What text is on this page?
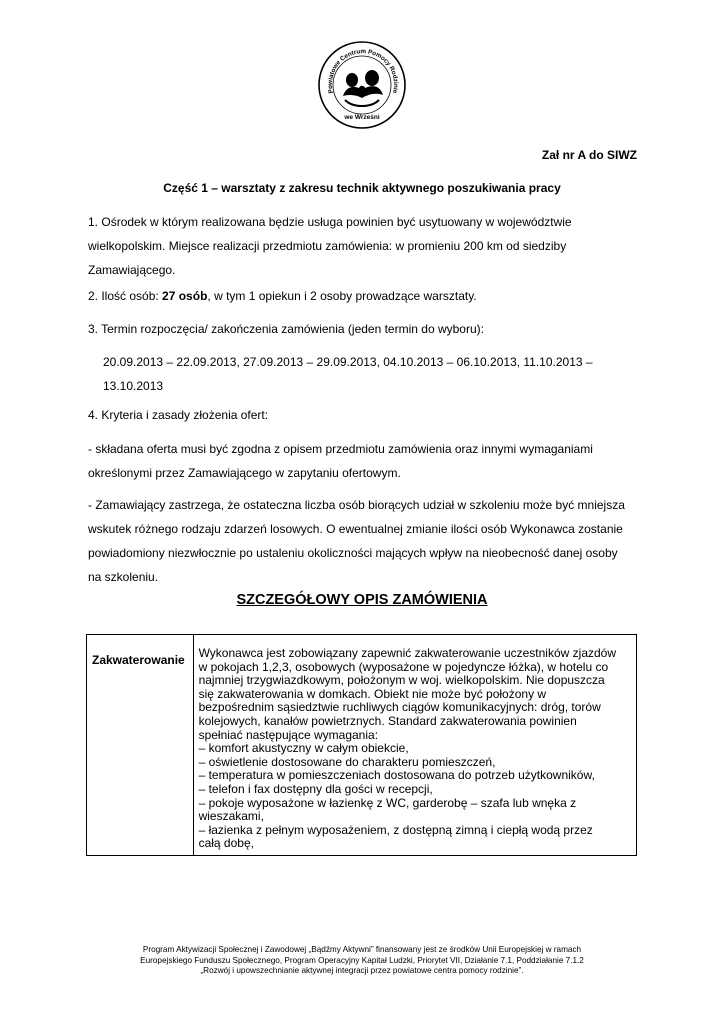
Powiatowe Centrum Pomocy Rodzinie
we Wrześni
Zał nr A do SIWZ
Część 1 – warsztaty z zakresu technik aktywnego poszukiwania pracy
1. Ośrodek w którym realizowana będzie usługa powinien być usytuowany w województwie
wielkopolskim. Miejsce realizacji przedmiotu zamówienia: w promieniu 200 km od siedziby
Zamawiającego.
2. Ilość osób: 27 osób, w tym 1 opiekun i 2 osoby prowadzące warsztaty.
3. Termin rozpoczęcia/ zakończenia zamówienia (jeden termin do wyboru):
20.09.2013 – 22.09.2013, 27.09.2013 – 29.09.2013, 04.10.2013 – 06.10.2013, 11.10.2013 –
13.10.2013
4. Kryteria i zasady złożenia ofert:
- składana oferta musi być zgodna z opisem przedmiotu zamówienia oraz innymi wymaganiami
określonymi przez Zamawiającego w zapytaniu ofertowym.
- Zamawiający zastrzega, że ostateczna liczba osób biorących udział w szkoleniu może być mniejsza
wskutek różnego rodzaju zdarzeń losowych. O ewentualnej zmianie ilości osób Wykonawca zostanie
powiadomiony niezwłocznie po ustaleniu okoliczności mających wpływ na nieobecność danej osoby
na szkoleniu.
SZCZEGÓŁOWY OPIS ZAMÓWIENIA
Zakwaterowanie	Wykonawca jest zobowiązany zapewnić zakwaterowanie uczestników zjazdów
w pokojach 1,2,3, osobowych (wyposażone w pojedyncze łóżka), w hotelu co
najmniej trzygwiazdkowym, położonym w woj. wielkopolskim. Nie dopuszcza
się zakwaterowania w domkach. Obiekt nie może być położony w
bezpośrednim sąsiedztwie ruchliwych ciągów komunikacyjnych: dróg, torów
kolejowych, kanałów powietrznych. Standard zakwaterowania powinien
spełniać następujące wymagania:
– komfort akustyczny w całym obiekcie,
– oświetlenie dostosowane do charakteru pomieszczeń,
– temperatura w pomieszczeniach dostosowana do potrzeb użytkowników,
– telefon i fax dostępny dla gości w recepcji,
– pokoje wyposażone w łazienkę z WC, garderobę – szafa lub wnęka z
wieszakami,
– łazienka z pełnym wyposażeniem, z dostępną zimną i ciepłą wodą przez
całą dobę,
Program Aktywizacji Społecznej i Zawodowej „Bądźmy Aktywni” finansowany jest ze środków Unii Europejskiej w ramach
Europejskiego Funduszu Społecznego, Program Operacyjny Kapitał Ludzki, Priorytet VII, Działanie 7.1, Poddziałanie 7.1.2
„Rozwój i upowszechnianie aktywnej integracji przez powiatowe centra pomocy rodzinie”.
